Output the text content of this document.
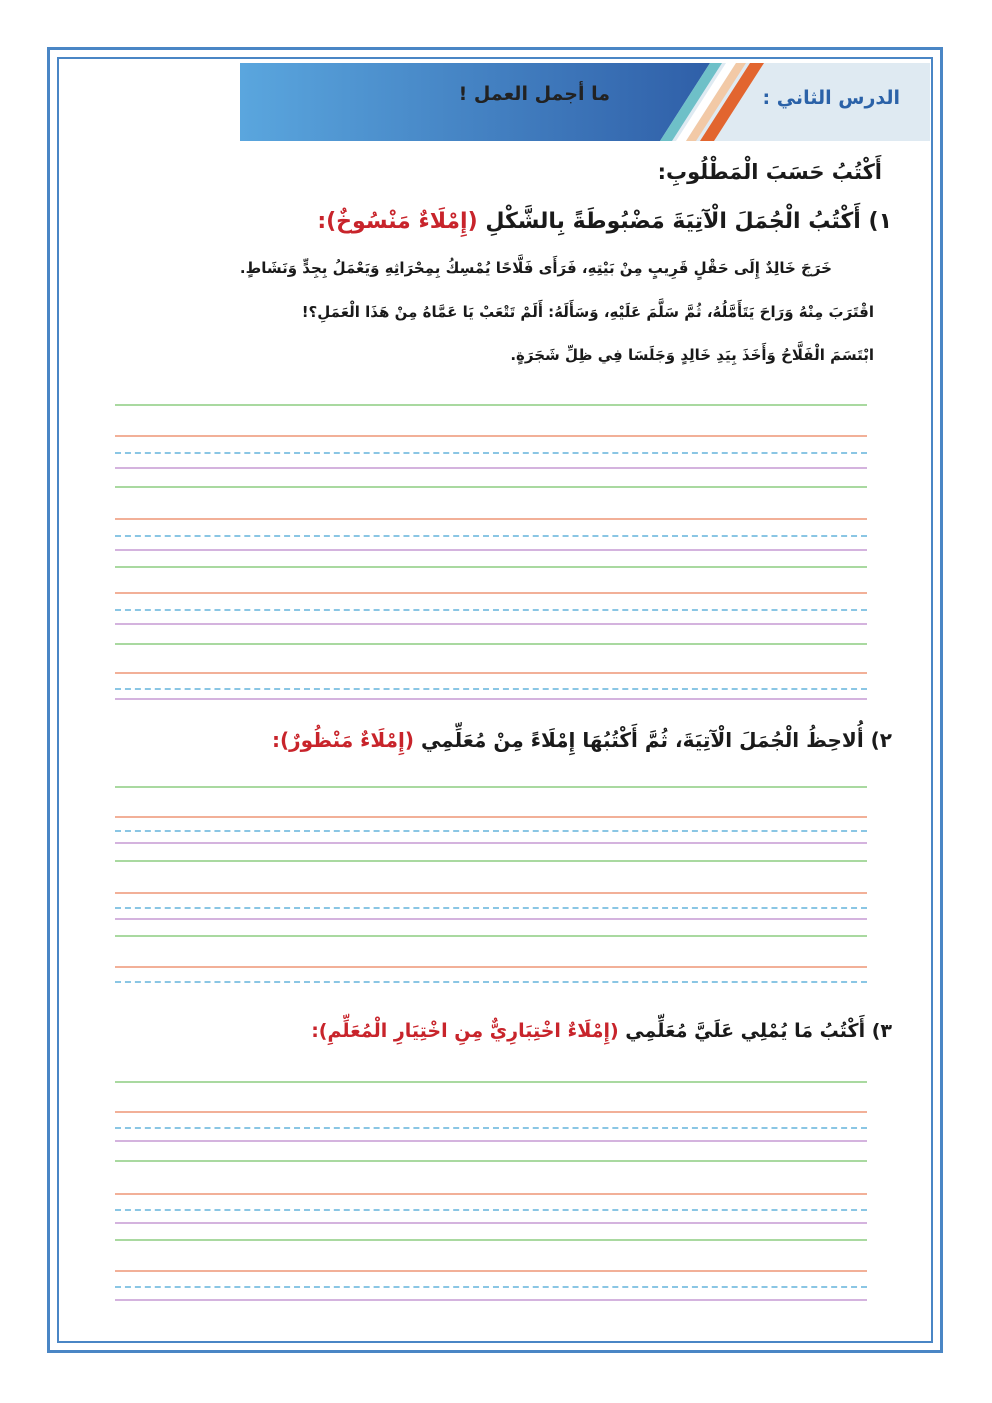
الدرس الثاني :
ما أجمل العمل !
أَكْتُبُ حَسَبَ الْمَطْلُوبِ:
١) أَكْتُبُ الْجُمَلَ الْآتِيَةَ مَضْبُوطَةً بِالشَّكْلِ (إِمْلَاءٌ مَنْسُوخٌ):
خَرَجَ خَالِدٌ إِلَى حَقْلٍ قَرِيبٍ مِنْ بَيْتِهِ، فَرَأَى فَلَّاحًا يُمْسِكُ بِمِحْرَاثِهِ وَيَعْمَلُ بِجِدٍّ وَنَشَاطٍ.
اقْتَرَبَ مِنْهُ وَرَاحَ يَتَأَمَّلُهُ، ثُمَّ سَلَّمَ عَلَيْهِ، وَسَأَلَهُ: أَلَمْ تَتْعَبْ يَا عَمَّاهُ مِنْ هَذَا الْعَمَلِ؟!
ابْتَسَمَ الْفَلَّاحُ وَأَخَذَ بِيَدِ خَالِدٍ وَجَلَسَا فِي ظِلِّ شَجَرَةٍ.
٢) أُلاحِظُ الْجُمَلَ الْآتِيَةَ، ثُمَّ أَكْتُبُهَا إِمْلَاءً مِنْ مُعَلِّمِي (إِمْلَاءٌ مَنْظُورٌ):
٣) أَكْتُبُ مَا يُمْلِي عَلَيَّ مُعَلِّمِي (إِمْلَاءٌ اخْتِبَارِيٌّ مِنِ اخْتِيَارِ الْمُعَلِّمِ):
